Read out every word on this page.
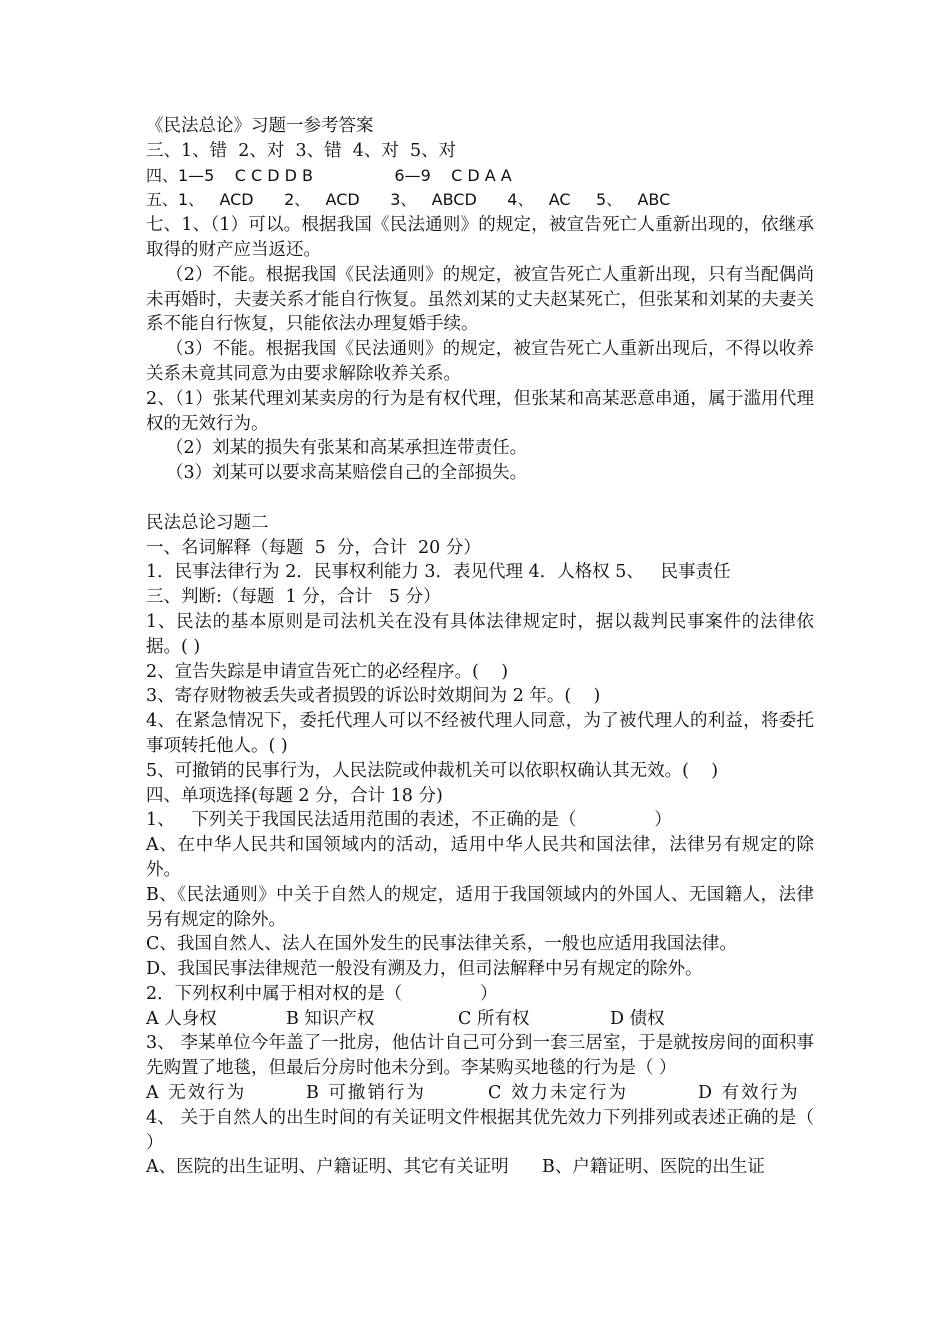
《民法总论》习题一参考答案
三、1、错  2、对  3、错  4、对  5、对
四、1—5    C C D D B                6—9    C D A A
五、1、   ACD      2、   ACD      3、   ABCD      4、   AC     5、   ABC
七、1、（1）可以。根据我国《民法通则》的规定，被宣告死亡人重新出现的，依继承取得的财产应当返还。
（2）不能。根据我国《民法通则》的规定，被宣告死亡人重新出现，只有当配偶尚未再婚时，夫妻关系才能自行恢复。虽然刘某的丈夫赵某死亡，但张某和刘某的夫妻关系不能自行恢复，只能依法办理复婚手续。
（3）不能。根据我国《民法通则》的规定，被宣告死亡人重新出现后，不得以收养关系未竟其同意为由要求解除收养关系。
2、（1）张某代理刘某卖房的行为是有权代理，但张某和高某恶意串通，属于滥用代理权的无效行为。
（2）刘某的损失有张某和高某承担连带责任。
（3）刘某可以要求高某赔偿自己的全部损失。
民法总论习题二
一、名词解释（每题  5  分，合计  20 分）
1．民事法律行为 2．民事权利能力 3．表见代理 4．人格权 5、   民事责任
三、判断:（每题  1 分，合计   5 分）
1、民法的基本原则是司法机关在没有具体法律规定时，据以裁判民事案件的法律依据。( )
2、宣告失踪是申请宣告死亡的必经程序。(    )
3、寄存财物被丢失或者损毁的诉讼时效期间为 2 年。(    )
4、在紧急情况下，委托代理人可以不经被代理人同意，为了被代理人的利益，将委托事项转托他人。( )
5、可撤销的民事行为，人民法院或仲裁机关可以依职权确认其无效。(    )
四、单项选择(每题 2 分，合计 18 分)
1、   下列关于我国民法适用范围的表述，不正确的是（              ）
A、在中华人民共和国领域内的活动，适用中华人民共和国法律，法律另有规定的除外。
B、《民法通则》中关于自然人的规定，适用于我国领域内的外国人、无国籍人，法律另有规定的除外。
C、我国自然人、法人在国外发生的民事法律关系，一般也应适用我国法律。
D、我国民事法律规范一般没有溯及力，但司法解释中另有规定的除外。
2．下列权利中属于相对权的是（              ）
A 人身权	B 知识产权	C 所有权	D 债权
3、 李某单位今年盖了一批房，他估计自己可分到一套三居室，于是就按房间的面积事先购置了地毯，但最后分房时他未分到。李某购买地毯的行为是（ ）
A 无效行为	B 可撤销行为	C 效力未定行为	D 有效行为
4、 关于自然人的出生时间的有关证明文件根据其优先效力下列排列或表述正确的是（ ）
A、医院的出生证明、户籍证明、其它有关证明      B、户籍证明、医院的出生证
